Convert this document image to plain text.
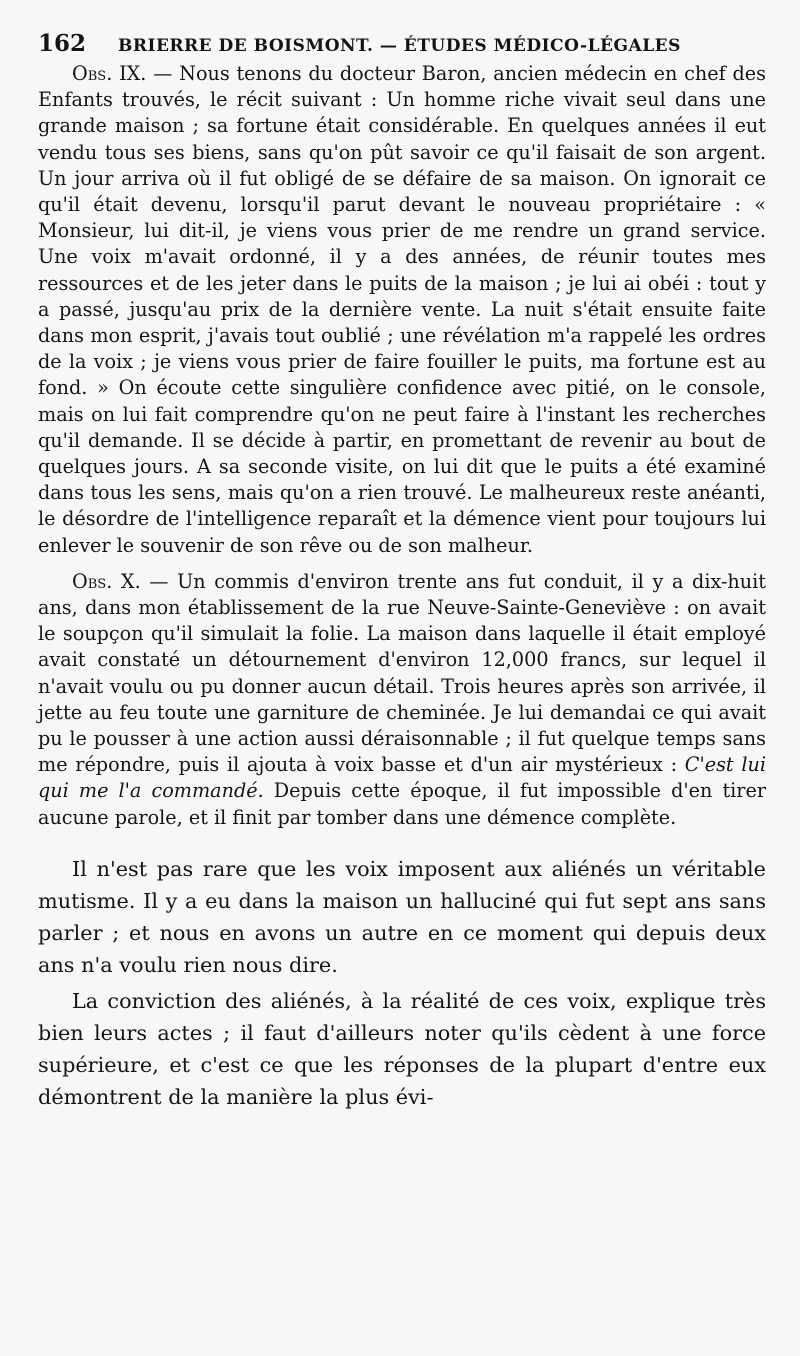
162	BRIERRE DE BOISMONT. — ÉTUDES MÉDICO-LÉGALES

Obs. IX. — Nous tenons du docteur Baron, ancien médecin en chef des Enfants trouvés, le récit suivant : Un homme riche vivait seul dans une grande maison ; sa fortune était considérable. En quelques années il eut vendu tous ses biens, sans qu'on pût savoir ce qu'il faisait de son argent. Un jour arriva où il fut obligé de se défaire de sa maison. On ignorait ce qu'il était devenu, lorsqu'il parut devant le nouveau propriétaire : « Monsieur, lui dit-il, je viens vous prier de me rendre un grand service. Une voix m'avait ordonné, il y a des années, de réunir toutes mes ressources et de les jeter dans le puits de la maison ; je lui ai obéi : tout y a passé, jusqu'au prix de la dernière vente. La nuit s'était ensuite faite dans mon esprit, j'avais tout oublié ; une révélation m'a rappelé les ordres de la voix ; je viens vous prier de faire fouiller le puits, ma fortune est au fond. » On écoute cette singulière confidence avec pitié, on le console, mais on lui fait comprendre qu'on ne peut faire à l'instant les recherches qu'il demande. Il se décide à partir, en promettant de revenir au bout de quelques jours. A sa seconde visite, on lui dit que le puits a été examiné dans tous les sens, mais qu'on a rien trouvé. Le malheureux reste anéanti, le désordre de l'intelligence reparaît et la démence vient pour toujours lui enlever le souvenir de son rêve ou de son malheur.

Obs. X. — Un commis d'environ trente ans fut conduit, il y a dix-huit ans, dans mon établissement de la rue Neuve-Sainte-Geneviève : on avait le soupçon qu'il simulait la folie. La maison dans laquelle il était employé avait constaté un détournement d'environ 12,000 francs, sur lequel il n'avait voulu ou pu donner aucun détail. Trois heures après son arrivée, il jette au feu toute une garniture de cheminée. Je lui demandai ce qui avait pu le pousser à une action aussi déraisonnable ; il fut quelque temps sans me répondre, puis il ajouta à voix basse et d'un air mystérieux : C'est lui qui me l'a commandé. Depuis cette époque, il fut impossible d'en tirer aucune parole, et il finit par tomber dans une démence complète.

Il n'est pas rare que les voix imposent aux aliénés un véritable mutisme. Il y a eu dans la maison un halluciné qui fut sept ans sans parler ; et nous en avons un autre en ce moment qui depuis deux ans n'a voulu rien nous dire.

La conviction des aliénés, à la réalité de ces voix, explique très bien leurs actes ; il faut d'ailleurs noter qu'ils cèdent à une force supérieure, et c'est ce que les réponses de la plupart d'entre eux démontrent de la manière la plus évi-
